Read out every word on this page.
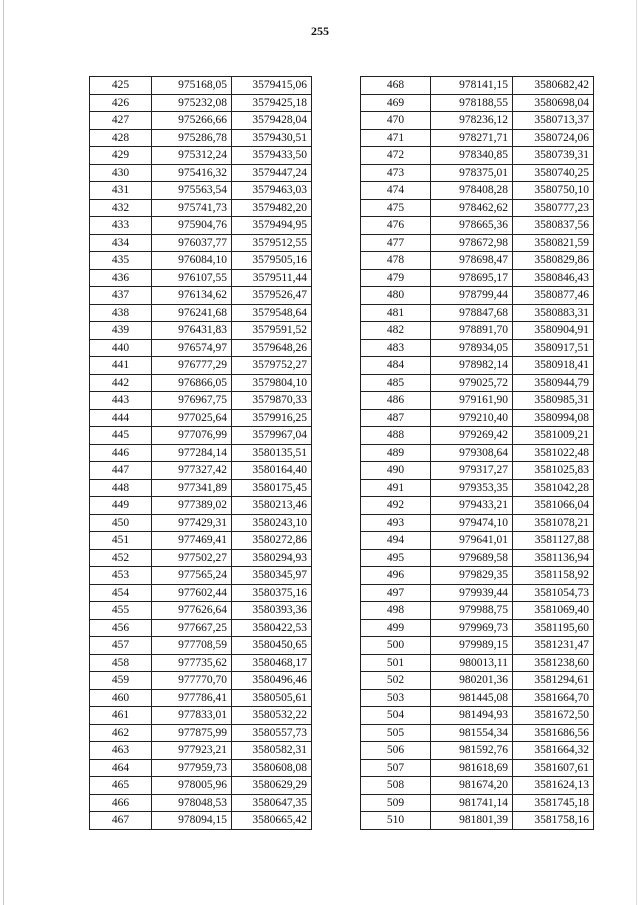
255
425	975168,05	3579415,06
426	975232,08	3579425,18
427	975266,66	3579428,04
428	975286,78	3579430,51
429	975312,24	3579433,50
430	975416,32	3579447,24
431	975563,54	3579463,03
432	975741,73	3579482,20
433	975904,76	3579494,95
434	976037,77	3579512,55
435	976084,10	3579505,16
436	976107,55	3579511,44
437	976134,62	3579526,47
438	976241,68	3579548,64
439	976431,83	3579591,52
440	976574,97	3579648,26
441	976777,29	3579752,27
442	976866,05	3579804,10
443	976967,75	3579870,33
444	977025,64	3579916,25
445	977076,99	3579967,04
446	977284,14	3580135,51
447	977327,42	3580164,40
448	977341,89	3580175,45
449	977389,02	3580213,46
450	977429,31	3580243,10
451	977469,41	3580272,86
452	977502,27	3580294,93
453	977565,24	3580345,97
454	977602,44	3580375,16
455	977626,64	3580393,36
456	977667,25	3580422,53
457	977708,59	3580450,65
458	977735,62	3580468,17
459	977770,70	3580496,46
460	977786,41	3580505,61
461	977833,01	3580532,22
462	977875,99	3580557,73
463	977923,21	3580582,31
464	977959,73	3580608,08
465	978005,96	3580629,29
466	978048,53	3580647,35
467	978094,15	3580665,42
468	978141,15	3580682,42
469	978188,55	3580698,04
470	978236,12	3580713,37
471	978271,71	3580724,06
472	978340,85	3580739,31
473	978375,01	3580740,25
474	978408,28	3580750,10
475	978462,62	3580777,23
476	978665,36	3580837,56
477	978672,98	3580821,59
478	978698,47	3580829,86
479	978695,17	3580846,43
480	978799,44	3580877,46
481	978847,68	3580883,31
482	978891,70	3580904,91
483	978934,05	3580917,51
484	978982,14	3580918,41
485	979025,72	3580944,79
486	979161,90	3580985,31
487	979210,40	3580994,08
488	979269,42	3581009,21
489	979308,64	3581022,48
490	979317,27	3581025,83
491	979353,35	3581042,28
492	979433,21	3581066,04
493	979474,10	3581078,21
494	979641,01	3581127,88
495	979689,58	3581136,94
496	979829,35	3581158,92
497	979939,44	3581054,73
498	979988,75	3581069,40
499	979969,73	3581195,60
500	979989,15	3581231,47
501	980013,11	3581238,60
502	980201,36	3581294,61
503	981445,08	3581664,70
504	981494,93	3581672,50
505	981554,34	3581686,56
506	981592,76	3581664,32
507	981618,69	3581607,61
508	981674,20	3581624,13
509	981741,14	3581745,18
510	981801,39	3581758,16
